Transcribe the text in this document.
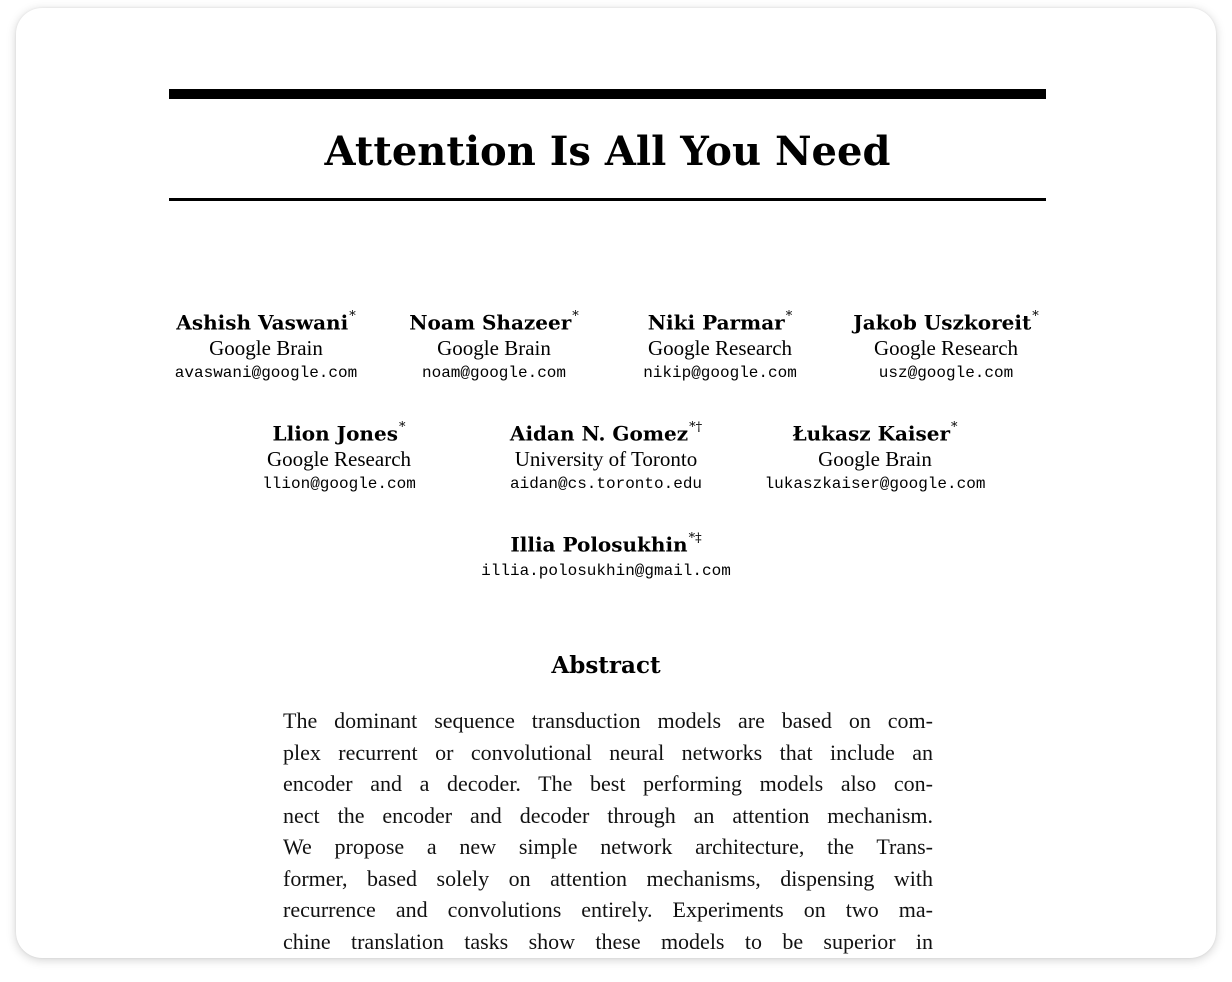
Attention Is All You Need
Ashish Vaswani*
Google Brain
avaswani@google.com
Noam Shazeer*
Google Brain
noam@google.com
Niki Parmar*
Google Research
nikip@google.com
Jakob Uszkoreit*
Google Research
usz@google.com
Llion Jones*
Google Research
llion@google.com
Aidan N. Gomez*†
University of Toronto
aidan@cs.toronto.edu
Łukasz Kaiser*
Google Brain
lukaszkaiser@google.com
Illia Polosukhin*‡
illia.polosukhin@gmail.com
Abstract
The dominant sequence transduction models are based on com-
plex recurrent or convolutional neural networks that include an
encoder and a decoder. The best performing models also con-
nect the encoder and decoder through an attention mechanism.
We propose a new simple network architecture, the Trans-
former, based solely on attention mechanisms, dispensing with
recurrence and convolutions entirely. Experiments on two ma-
chine translation tasks show these models to be superior in
